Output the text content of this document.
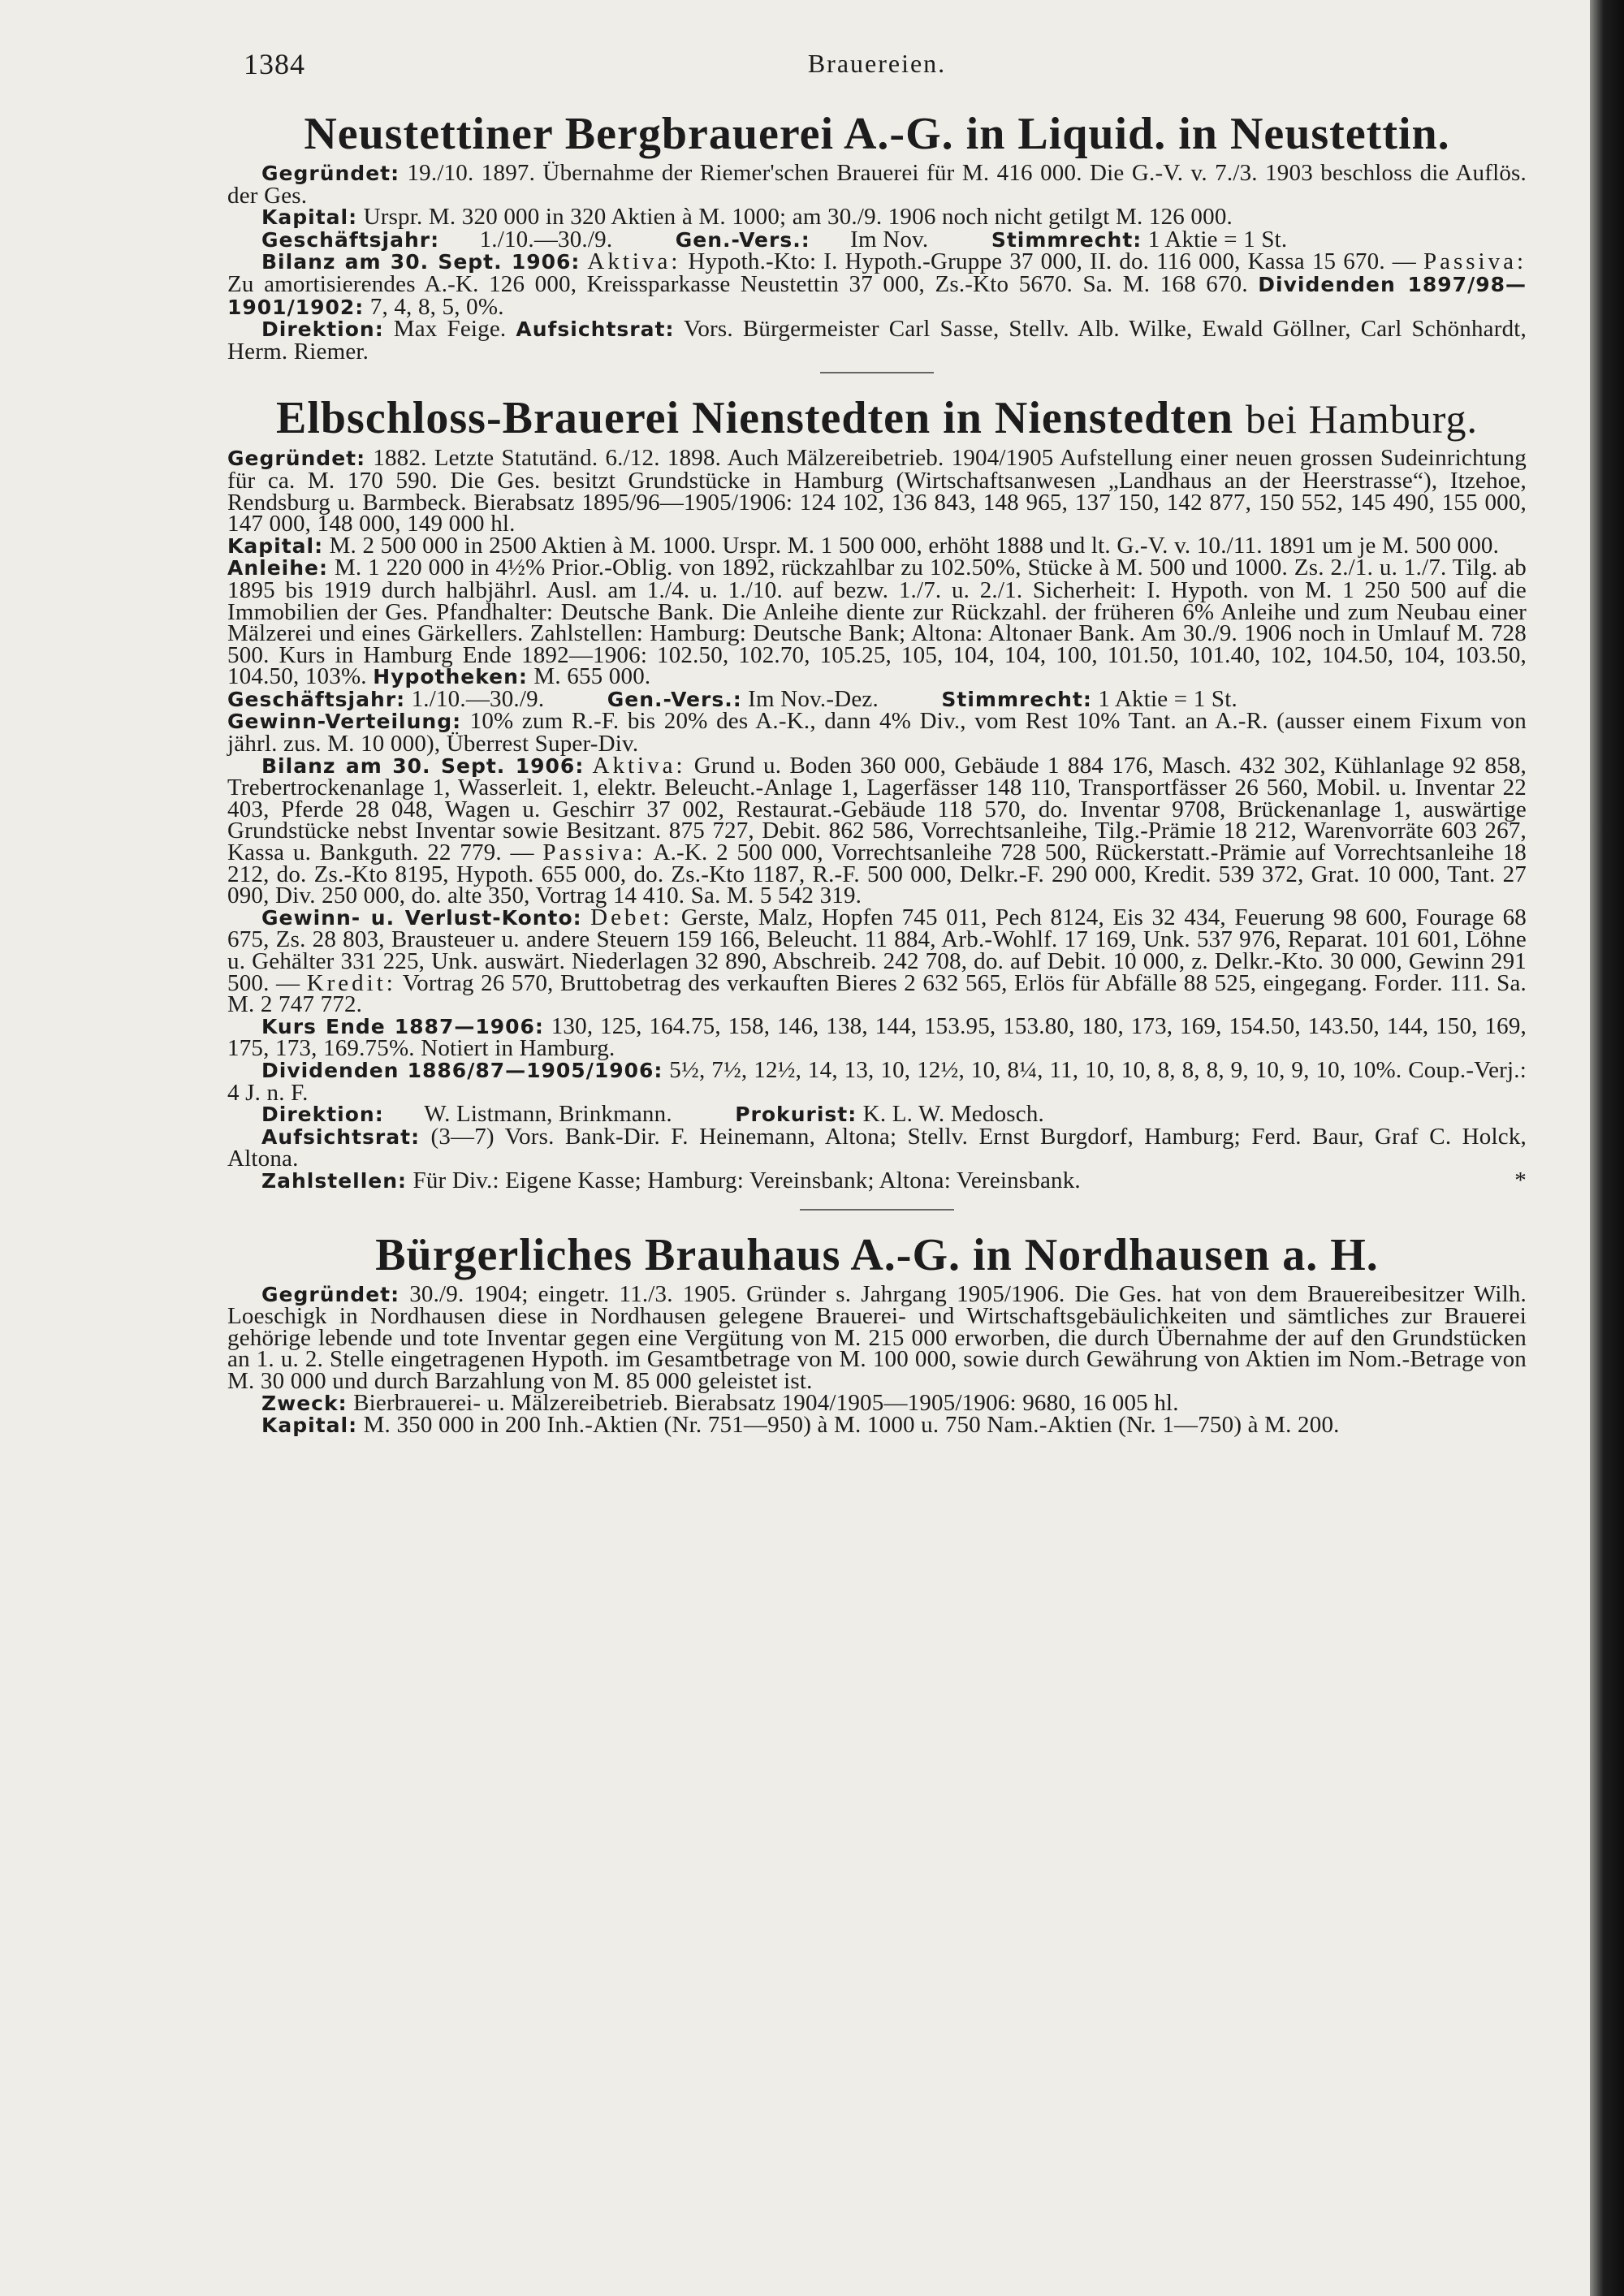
1384	Brauereien.
Neustettiner Bergbrauerei A.-G. in Liquid. in Neustettin.

Gegründet: 19./10. 1897. Übernahme der Riemer'schen Brauerei für M. 416 000. Die G.-V. v. 7./3. 1903 beschloss die Auflös. der Ges.

Kapital: Urspr. M. 320 000 in 320 Aktien à M. 1000; am 30./9. 1906 noch nicht getilgt M. 126 000.

Geschäftsjahr: 1./10.—30./9.	Gen.-Vers.: Im Nov.	Stimmrecht: 1 Aktie = 1 St.

Bilanz am 30. Sept. 1906: Aktiva: Hypoth.-Kto: I. Hypoth.-Gruppe 37 000, II. do. 116 000, Kassa 15 670. — Passiva: Zu amortisierendes A.-K. 126 000, Kreissparkasse Neustettin 37 000, Zs.-Kto 5670. Sa. M. 168 670. Dividenden 1897/98—1901/1902: 7, 4, 8, 5, 0%.

Direktion: Max Feige. Aufsichtsrat: Vors. Bürgermeister Carl Sasse, Stellv. Alb. Wilke, Ewald Göllner, Carl Schönhardt, Herm. Riemer.

Elbschloss-Brauerei Nienstedten in Nienstedten bei Hamburg.

Gegründet: 1882. Letzte Statutänd. 6./12. 1898. Auch Mälzereibetrieb. 1904/1905 Aufstellung einer neuen grossen Sudeinrichtung für ca. M. 170 590. Die Ges. besitzt Grundstücke in Hamburg (Wirtschaftsanwesen „Landhaus an der Heerstrasse“), Itzehoe, Rendsburg u. Barmbeck. Bierabsatz 1895/96—1905/1906: 124 102, 136 843, 148 965, 137 150, 142 877, 150 552, 145 490, 155 000, 147 000, 148 000, 149 000 hl.

Kapital: M. 2 500 000 in 2500 Aktien à M. 1000. Urspr. M. 1 500 000, erhöht 1888 und lt. G.-V. v. 10./11. 1891 um je M. 500 000.

Anleihe: M. 1 220 000 in 4½% Prior.-Oblig. von 1892, rückzahlbar zu 102.50%, Stücke à M. 500 und 1000. Zs. 2./1. u. 1./7. Tilg. ab 1895 bis 1919 durch halbjährl. Ausl. am 1./4. u. 1./10. auf bezw. 1./7. u. 2./1. Sicherheit: I. Hypoth. von M. 1 250 500 auf die Immobilien der Ges. Pfandhalter: Deutsche Bank. Die Anleihe diente zur Rückzahl. der früheren 6% Anleihe und zum Neubau einer Mälzerei und eines Gärkellers. Zahlstellen: Hamburg: Deutsche Bank; Altona: Altonaer Bank. Am 30./9. 1906 noch in Umlauf M. 728 500. Kurs in Hamburg Ende 1892—1906: 102.50, 102.70, 105.25, 105, 104, 104, 100, 101.50, 101.40, 102, 104.50, 104, 103.50, 104.50, 103%. Hypotheken: M. 655 000.

Geschäftsjahr: 1./10.—30./9.	Gen.-Vers.: Im Nov.-Dez.	Stimmrecht: 1 Aktie = 1 St.

Gewinn-Verteilung: 10% zum R.-F. bis 20% des A.-K., dann 4% Div., vom Rest 10% Tant. an A.-R. (ausser einem Fixum von jährl. zus. M. 10 000), Überrest Super-Div.

Bilanz am 30. Sept. 1906: Aktiva: Grund u. Boden 360 000, Gebäude 1 884 176, Masch. 432 302, Kühlanlage 92 858, Trebertrockenanlage 1, Wasserleit. 1, elektr. Beleucht.-Anlage 1, Lagerfässer 148 110, Transportfässer 26 560, Mobil. u. Inventar 22 403, Pferde 28 048, Wagen u. Geschirr 37 002, Restaurat.-Gebäude 118 570, do. Inventar 9708, Brückenanlage 1, auswärtige Grundstücke nebst Inventar sowie Besitzant. 875 727, Debit. 862 586, Vorrechtsanleihe, Tilg.-Prämie 18 212, Warenvorräte 603 267, Kassa u. Bankguth. 22 779. — Passiva: A.-K. 2 500 000, Vorrechtsanleihe 728 500, Rückerstatt.-Prämie auf Vorrechtsanleihe 18 212, do. Zs.-Kto 8195, Hypoth. 655 000, do. Zs.-Kto 1187, R.-F. 500 000, Delkr.-F. 290 000, Kredit. 539 372, Grat. 10 000, Tant. 27 090, Div. 250 000, do. alte 350, Vortrag 14 410. Sa. M. 5 542 319.

Gewinn- u. Verlust-Konto: Debet: Gerste, Malz, Hopfen 745 011, Pech 8124, Eis 32 434, Feuerung 98 600, Fourage 68 675, Zs. 28 803, Brausteuer u. andere Steuern 159 166, Beleucht. 11 884, Arb.-Wohlf. 17 169, Unk. 537 976, Reparat. 101 601, Löhne u. Gehälter 331 225, Unk. auswärt. Niederlagen 32 890, Abschreib. 242 708, do. auf Debit. 10 000, z. Delkr.-Kto. 30 000, Gewinn 291 500. — Kredit: Vortrag 26 570, Bruttobetrag des verkauften Bieres 2 632 565, Erlös für Abfälle 88 525, eingegang. Forder. 111. Sa. M. 2 747 772.

Kurs Ende 1887—1906: 130, 125, 164.75, 158, 146, 138, 144, 153.95, 153.80, 180, 173, 169, 154.50, 143.50, 144, 150, 169, 175, 173, 169.75%. Notiert in Hamburg.

Dividenden 1886/87—1905/1906: 5½, 7½, 12½, 14, 13, 10, 12½, 10, 8¼, 11, 10, 10, 8, 8, 8, 9, 10, 9, 10, 10%. Coup.-Verj.: 4 J. n. F.

Direktion: W. Listmann, Brinkmann.	Prokurist: K. L. W. Medosch.

Aufsichtsrat: (3—7) Vors. Bank-Dir. F. Heinemann, Altona; Stellv. Ernst Burgdorf, Hamburg; Ferd. Baur, Graf C. Holck, Altona.

Zahlstellen: Für Div.: Eigene Kasse; Hamburg: Vereinsbank; Altona: Vereinsbank.	*

Bürgerliches Brauhaus A.-G. in Nordhausen a. H.

Gegründet: 30./9. 1904; eingetr. 11./3. 1905. Gründer s. Jahrgang 1905/1906. Die Ges. hat von dem Brauereibesitzer Wilh. Loeschigk in Nordhausen diese in Nordhausen gelegene Brauerei- und Wirtschaftsgebäulichkeiten und sämtliches zur Brauerei gehörige lebende und tote Inventar gegen eine Vergütung von M. 215 000 erworben, die durch Übernahme der auf den Grundstücken an 1. u. 2. Stelle eingetragenen Hypoth. im Gesamtbetrage von M. 100 000, sowie durch Gewährung von Aktien im Nom.-Betrage von M. 30 000 und durch Barzahlung von M. 85 000 geleistet ist.

Zweck: Bierbrauerei- u. Mälzereibetrieb. Bierabsatz 1904/1905—1905/1906: 9680, 16 005 hl.

Kapital: M. 350 000 in 200 Inh.-Aktien (Nr. 751—950) à M. 1000 u. 750 Nam.-Aktien (Nr. 1—750) à M. 200.
